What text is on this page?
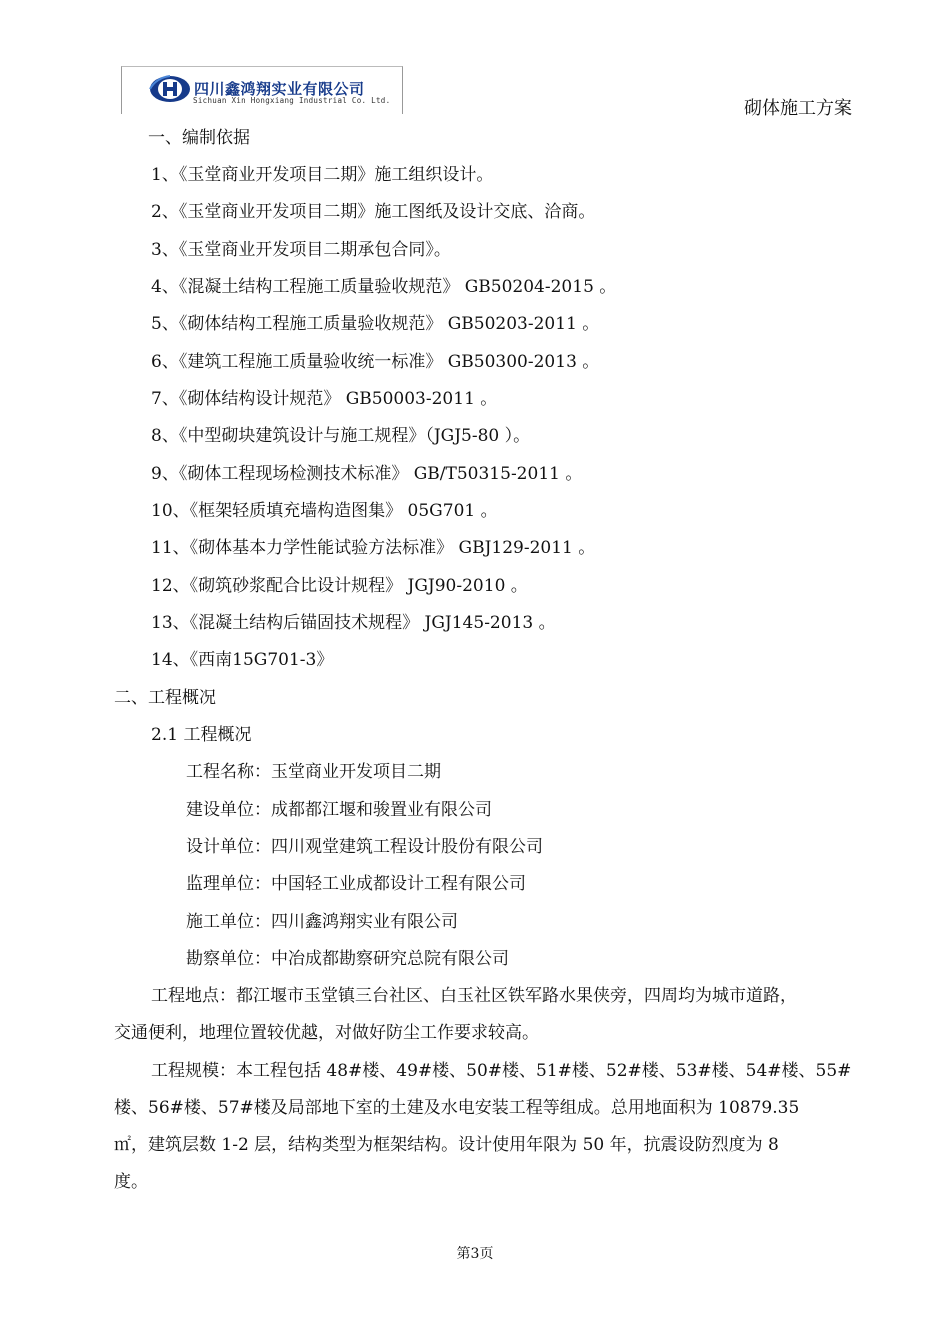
四川鑫鸿翔实业有限公司
Sichuan Xin Hongxiang Industrial Co. Ltd.	砌体施工方案
一、编制依据
1、《玉堂商业开发项目二期》施工组织设计。
2、《玉堂商业开发项目二期》施工图纸及设计交底、洽商。
3、《玉堂商业开发项目二期承包合同》。
4、《混凝土结构工程施工质量验收规范》 GB50204-2015 。
5、《砌体结构工程施工质量验收规范》 GB50203-2011 。
6、《建筑工程施工质量验收统一标准》 GB50300-2013 。
7、《砌体结构设计规范》 GB50003-2011 。
8、《中型砌块建筑设计与施工规程》（JGJ5-80 ）。
9、《砌体工程现场检测技术标准》 GB/T50315-2011 。
10、《框架轻质填充墙构造图集》 05G701 。
11、《砌体基本力学性能试验方法标准》 GBJ129-2011 。
12、《砌筑砂浆配合比设计规程》 JGJ90-2010 。
13、《混凝土结构后锚固技术规程》 JGJ145-2013 。
14、《西南15G701-3》
二、工程概况
2.1 工程概况
工程名称：玉堂商业开发项目二期
建设单位：成都都江堰和骏置业有限公司
设计单位：四川观堂建筑工程设计股份有限公司
监理单位：中国轻工业成都设计工程有限公司
施工单位：四川鑫鸿翔实业有限公司
勘察单位：中冶成都勘察研究总院有限公司
工程地点：都江堰市玉堂镇三台社区、白玉社区铁军路水果侠旁，四周均为城市道路，
交通便利，地理位置较优越，对做好防尘工作要求较高。
工程规模：本工程包括 48#楼、49#楼、50#楼、51#楼、52#楼、53#楼、54#楼、55#
楼、56#楼、57#楼及局部地下室的土建及水电安装工程等组成。总用地面积为 10879.35
㎡，建筑层数 1-2 层，结构类型为框架结构。设计使用年限为 50 年，抗震设防烈度为 8
度。
第3页
